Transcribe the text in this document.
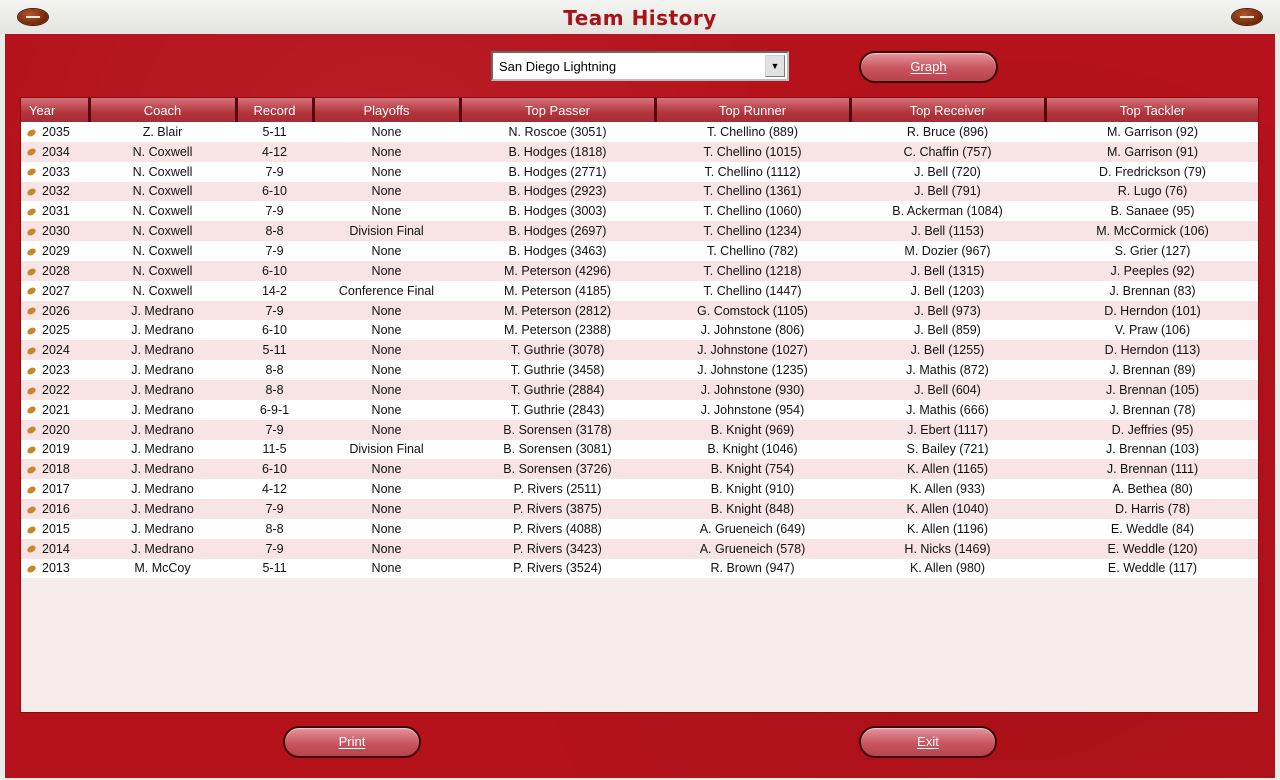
Team History
San Diego Lightning	▼	Graph
Year	Coach	Record	Playoffs	Top Passer	Top Runner	Top Receiver	Top Tackler
2035	Z. Blair	5-11	None	N. Roscoe (3051)	T. Chellino (889)	R. Bruce (896)	M. Garrison (92)
2034	N. Coxwell	4-12	None	B. Hodges (1818)	T. Chellino (1015)	C. Chaffin (757)	M. Garrison (91)
2033	N. Coxwell	7-9	None	B. Hodges (2771)	T. Chellino (1112)	J. Bell (720)	D. Fredrickson (79)
2032	N. Coxwell	6-10	None	B. Hodges (2923)	T. Chellino (1361)	J. Bell (791)	R. Lugo (76)
2031	N. Coxwell	7-9	None	B. Hodges (3003)	T. Chellino (1060)	B. Ackerman (1084)	B. Sanaee (95)
2030	N. Coxwell	8-8	Division Final	B. Hodges (2697)	T. Chellino (1234)	J. Bell (1153)	M. McCormick (106)
2029	N. Coxwell	7-9	None	B. Hodges (3463)	T. Chellino (782)	M. Dozier (967)	S. Grier (127)
2028	N. Coxwell	6-10	None	M. Peterson (4296)	T. Chellino (1218)	J. Bell (1315)	J. Peeples (92)
2027	N. Coxwell	14-2	Conference Final	M. Peterson (4185)	T. Chellino (1447)	J. Bell (1203)	J. Brennan (83)
2026	J. Medrano	7-9	None	M. Peterson (2812)	G. Comstock (1105)	J. Bell (973)	D. Herndon (101)
2025	J. Medrano	6-10	None	M. Peterson (2388)	J. Johnstone (806)	J. Bell (859)	V. Praw (106)
2024	J. Medrano	5-11	None	T. Guthrie (3078)	J. Johnstone (1027)	J. Bell (1255)	D. Herndon (113)
2023	J. Medrano	8-8	None	T. Guthrie (3458)	J. Johnstone (1235)	J. Mathis (872)	J. Brennan (89)
2022	J. Medrano	8-8	None	T. Guthrie (2884)	J. Johnstone (930)	J. Bell (604)	J. Brennan (105)
2021	J. Medrano	6-9-1	None	T. Guthrie (2843)	J. Johnstone (954)	J. Mathis (666)	J. Brennan (78)
2020	J. Medrano	7-9	None	B. Sorensen (3178)	B. Knight (969)	J. Ebert (1117)	D. Jeffries (95)
2019	J. Medrano	11-5	Division Final	B. Sorensen (3081)	B. Knight (1046)	S. Bailey (721)	J. Brennan (103)
2018	J. Medrano	6-10	None	B. Sorensen (3726)	B. Knight (754)	K. Allen (1165)	J. Brennan (111)
2017	J. Medrano	4-12	None	P. Rivers (2511)	B. Knight (910)	K. Allen (933)	A. Bethea (80)
2016	J. Medrano	7-9	None	P. Rivers (3875)	B. Knight (848)	K. Allen (1040)	D. Harris (78)
2015	J. Medrano	8-8	None	P. Rivers (4088)	A. Grueneich (649)	K. Allen (1196)	E. Weddle (84)
2014	J. Medrano	7-9	None	P. Rivers (3423)	A. Grueneich (578)	H. Nicks (1469)	E. Weddle (120)
2013	M. McCoy	5-11	None	P. Rivers (3524)	R. Brown (947)	K. Allen (980)	E. Weddle (117)
Print	Exit
